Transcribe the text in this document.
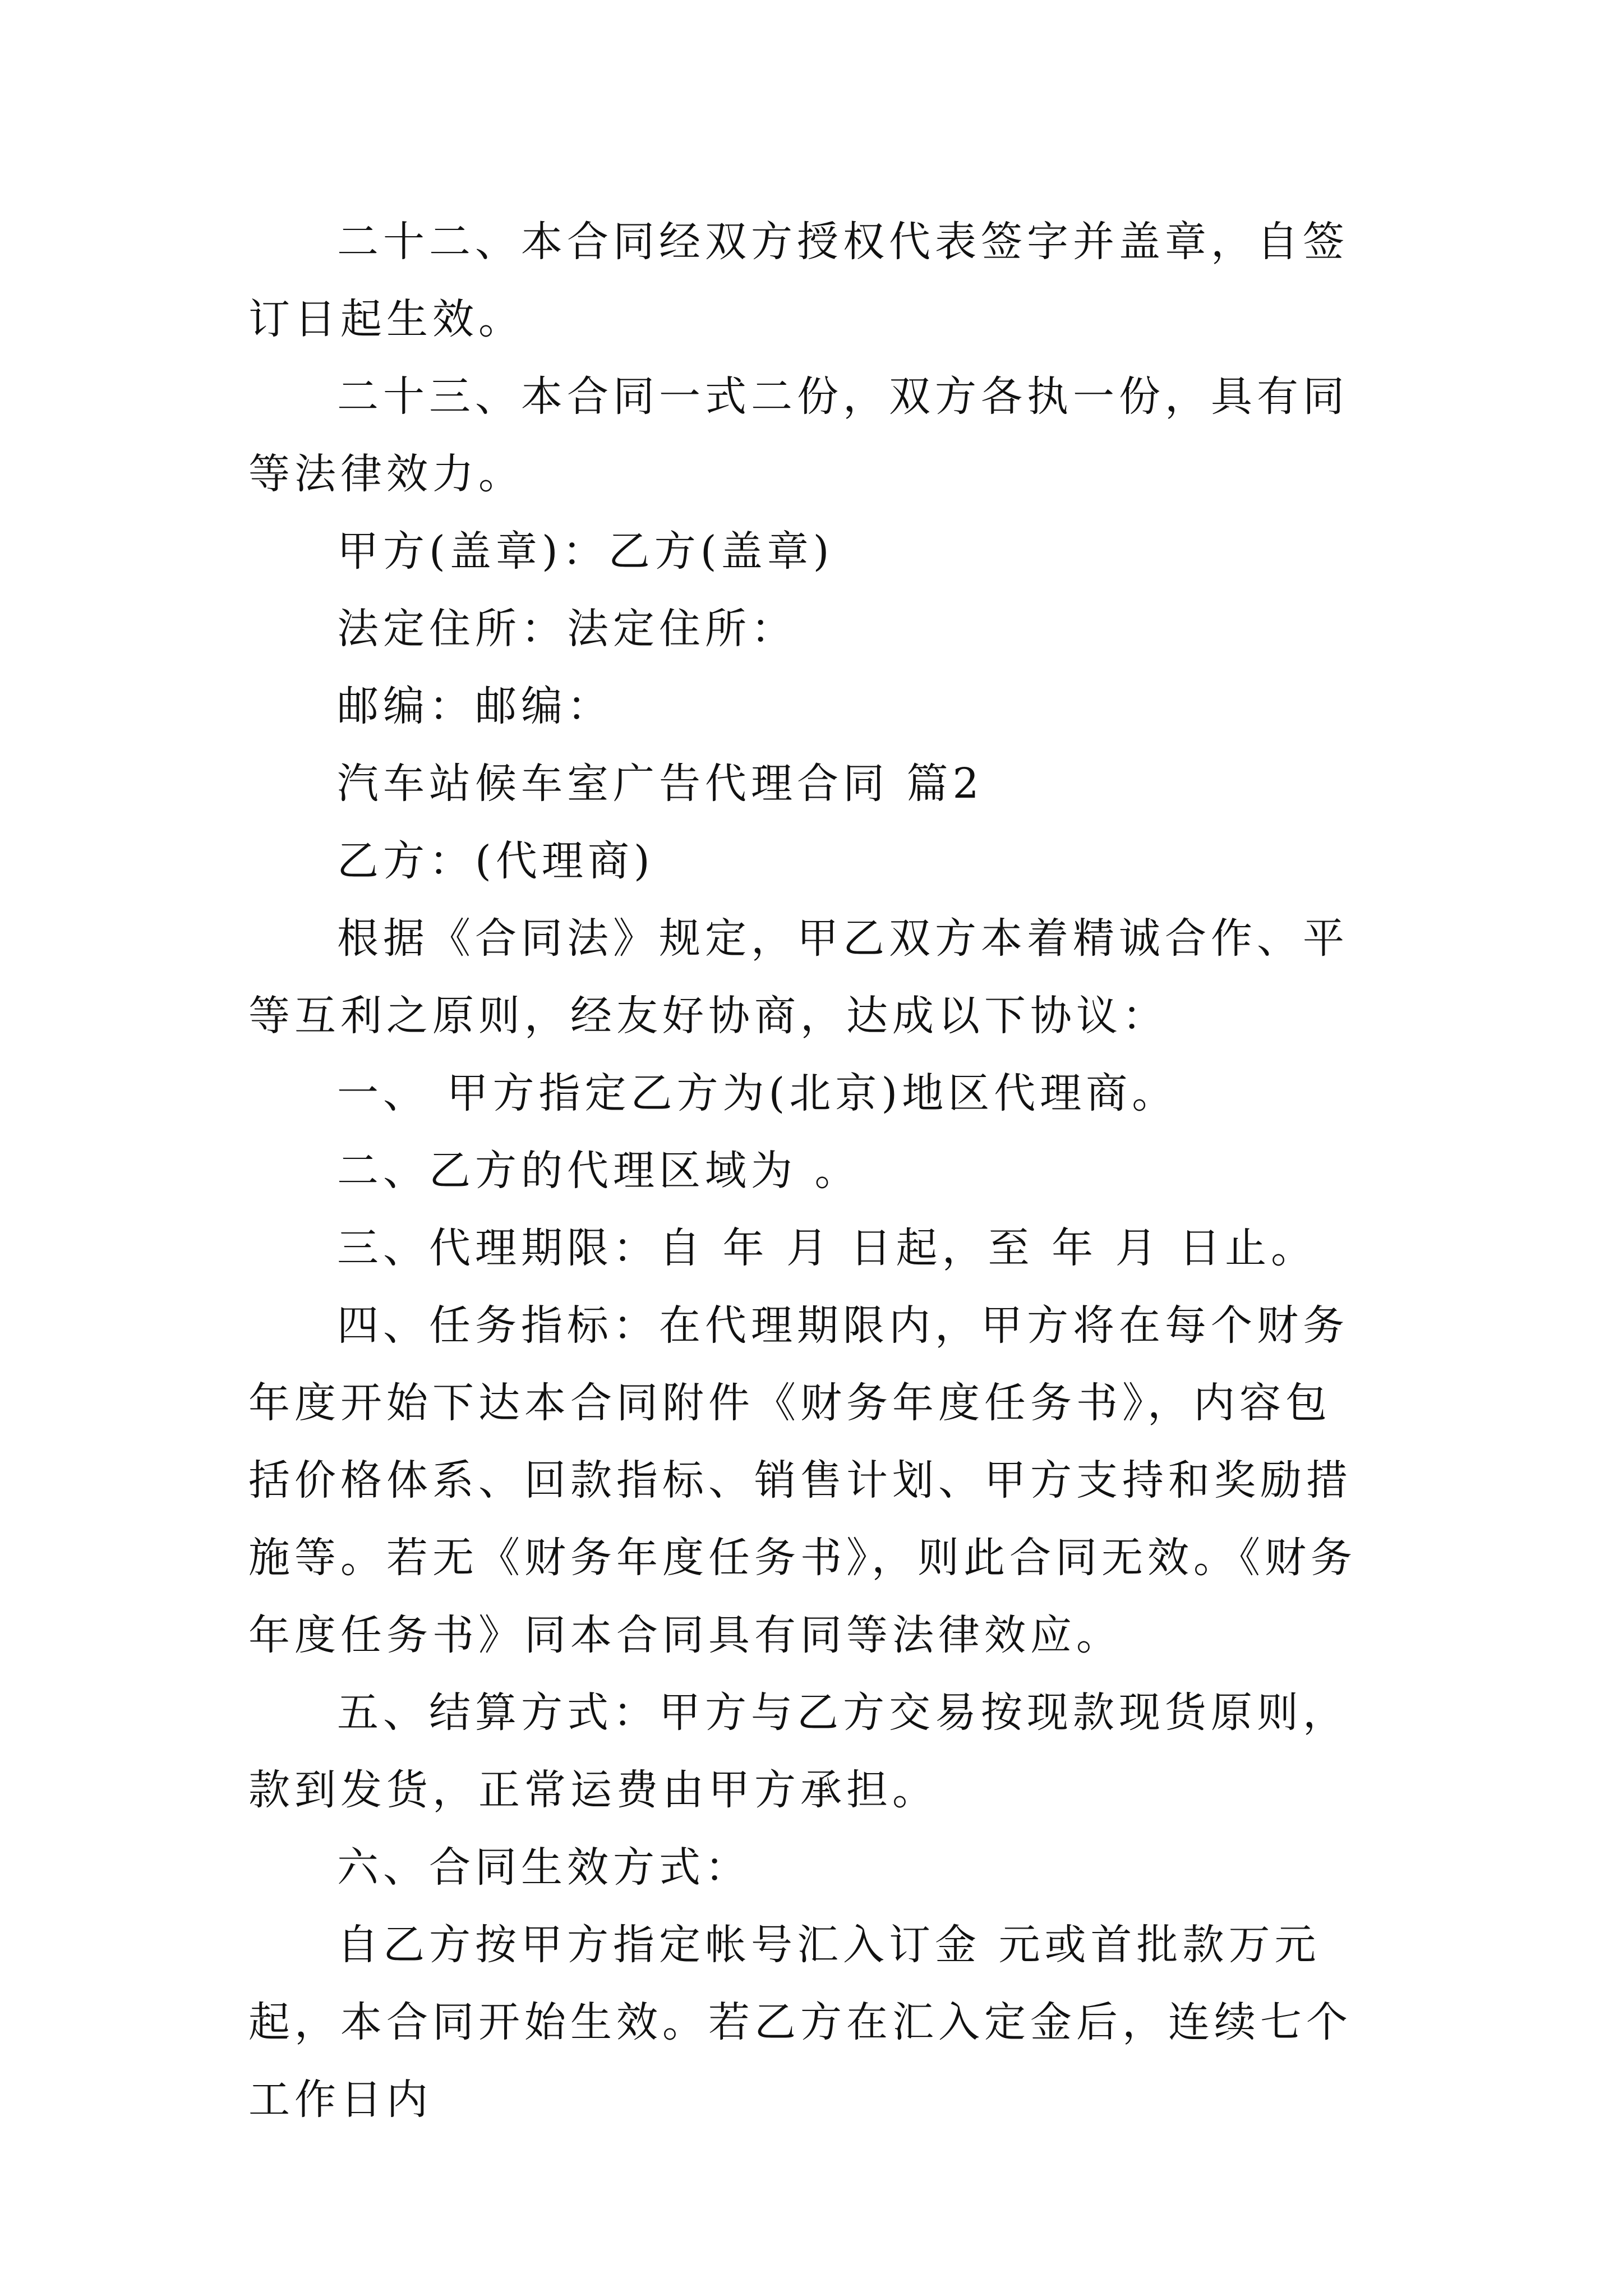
二十二、本合同经双方授权代表签字并盖章，自签订日起生效。

二十三、本合同一式二份，双方各执一份，具有同等法律效力。

甲方(盖章)：乙方(盖章)

法定住所：法定住所：

邮编：邮编：

汽车站候车室广告代理合同 篇2

乙方：(代理商)

根据《合同法》规定，甲乙双方本着精诚合作、平等互利之原则，经友好协商，达成以下协议：

一、 甲方指定乙方为(北京)地区代理商。

二、乙方的代理区域为 。

三、代理期限：自 年 月 日起，至 年 月 日止。

四、任务指标：在代理期限内，甲方将在每个财务年度开始下达本合同附件《财务年度任务书》，内容包括价格体系、回款指标、销售计划、甲方支持和奖励措施等。若无《财务年度任务书》，则此合同无效。《财务年度任务书》同本合同具有同等法律效应。

五、结算方式：甲方与乙方交易按现款现货原则，款到发货，正常运费由甲方承担。

六、合同生效方式：

自乙方按甲方指定帐号汇入订金 元或首批款万元起，本合同开始生效。若乙方在汇入定金后，连续七个工作日内
